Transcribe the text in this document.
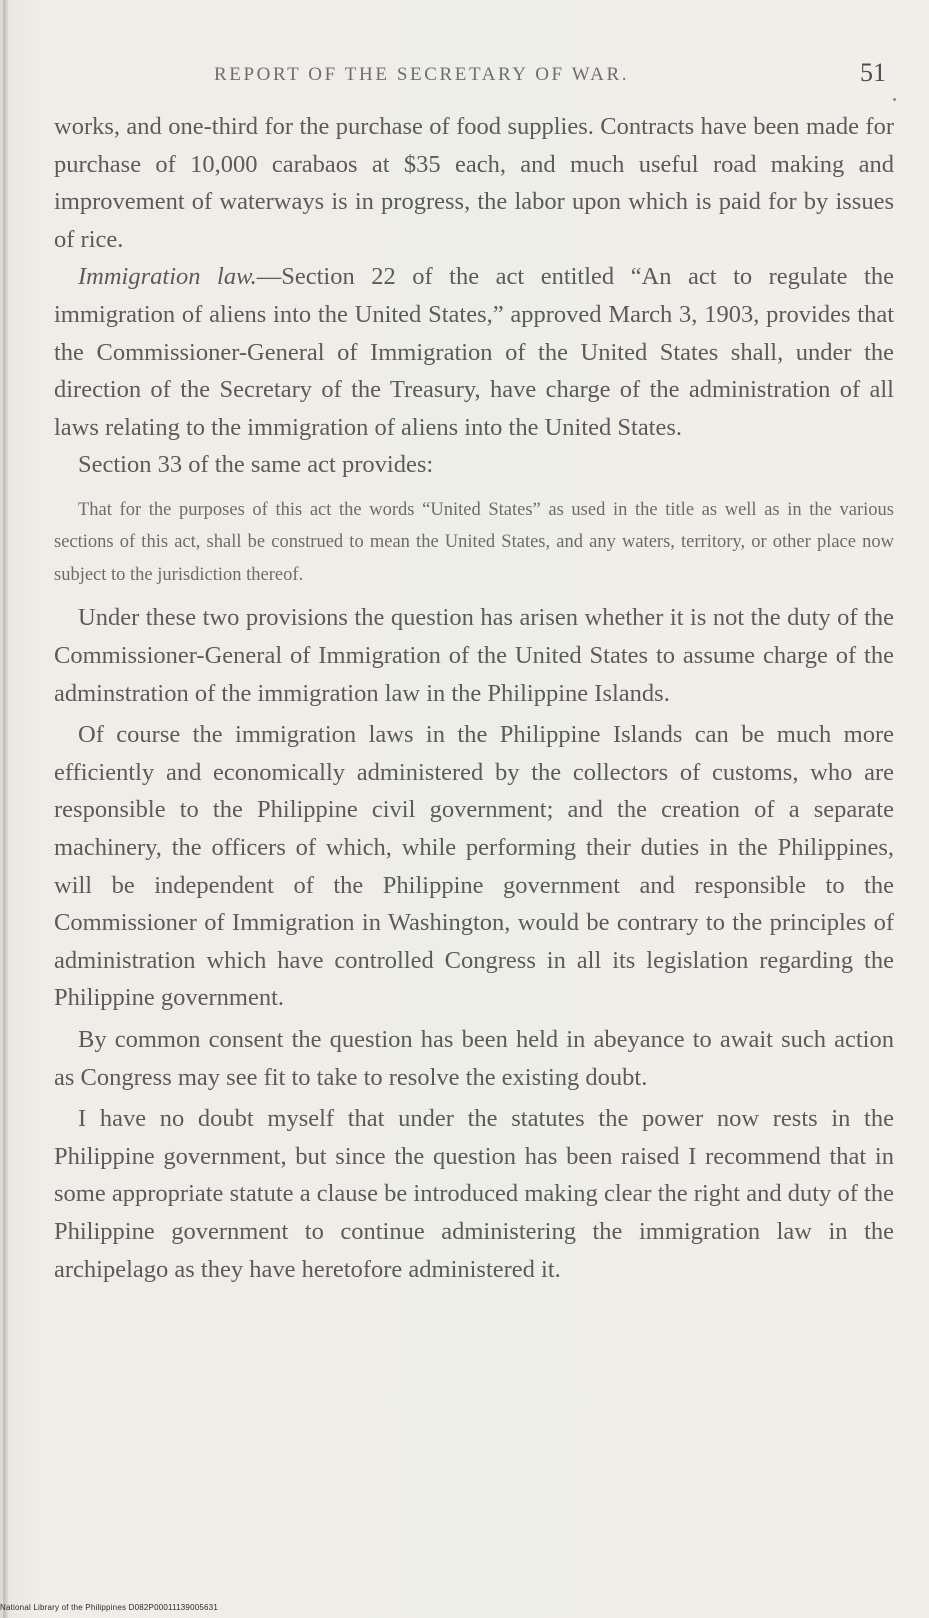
REPORT OF THE SECRETARY OF WAR.	51

works, and one-third for the purchase of food supplies. Contracts have been made for purchase of 10,000 carabaos at $35 each, and much useful road making and improvement of waterways is in progress, the labor upon which is paid for by issues of rice.

Immigration law.—Section 22 of the act entitled “An act to regulate the immigration of aliens into the United States,” approved March 3, 1903, provides that the Commissioner-General of Immigration of the United States shall, under the direction of the Secretary of the Treasury, have charge of the administration of all laws relating to the immigration of aliens into the United States.

Section 33 of the same act provides:

That for the purposes of this act the words “United States” as used in the title as well as in the various sections of this act, shall be construed to mean the United States, and any waters, territory, or other place now subject to the jurisdiction thereof.

Under these two provisions the question has arisen whether it is not the duty of the Commissioner-General of Immigration of the United States to assume charge of the adminstration of the immigration law in the Philippine Islands.

Of course the immigration laws in the Philippine Islands can be much more efficiently and economically administered by the collectors of customs, who are responsible to the Philippine civil government; and the creation of a separate machinery, the officers of which, while performing their duties in the Philippines, will be independent of the Philippine government and responsible to the Commissioner of Immigration in Washington, would be contrary to the principles of administration which have controlled Congress in all its legislation regarding the Philippine government.

By common consent the question has been held in abeyance to await such action as Congress may see fit to take to resolve the existing doubt.

I have no doubt myself that under the statutes the power now rests in the Philippine government, but since the question has been raised I recommend that in some appropriate statute a clause be introduced making clear the right and duty of the Philippine government to continue administering the immigration law in the archipelago as they have heretofore administered it.

National Library of the Philippines D082P00011139005631
